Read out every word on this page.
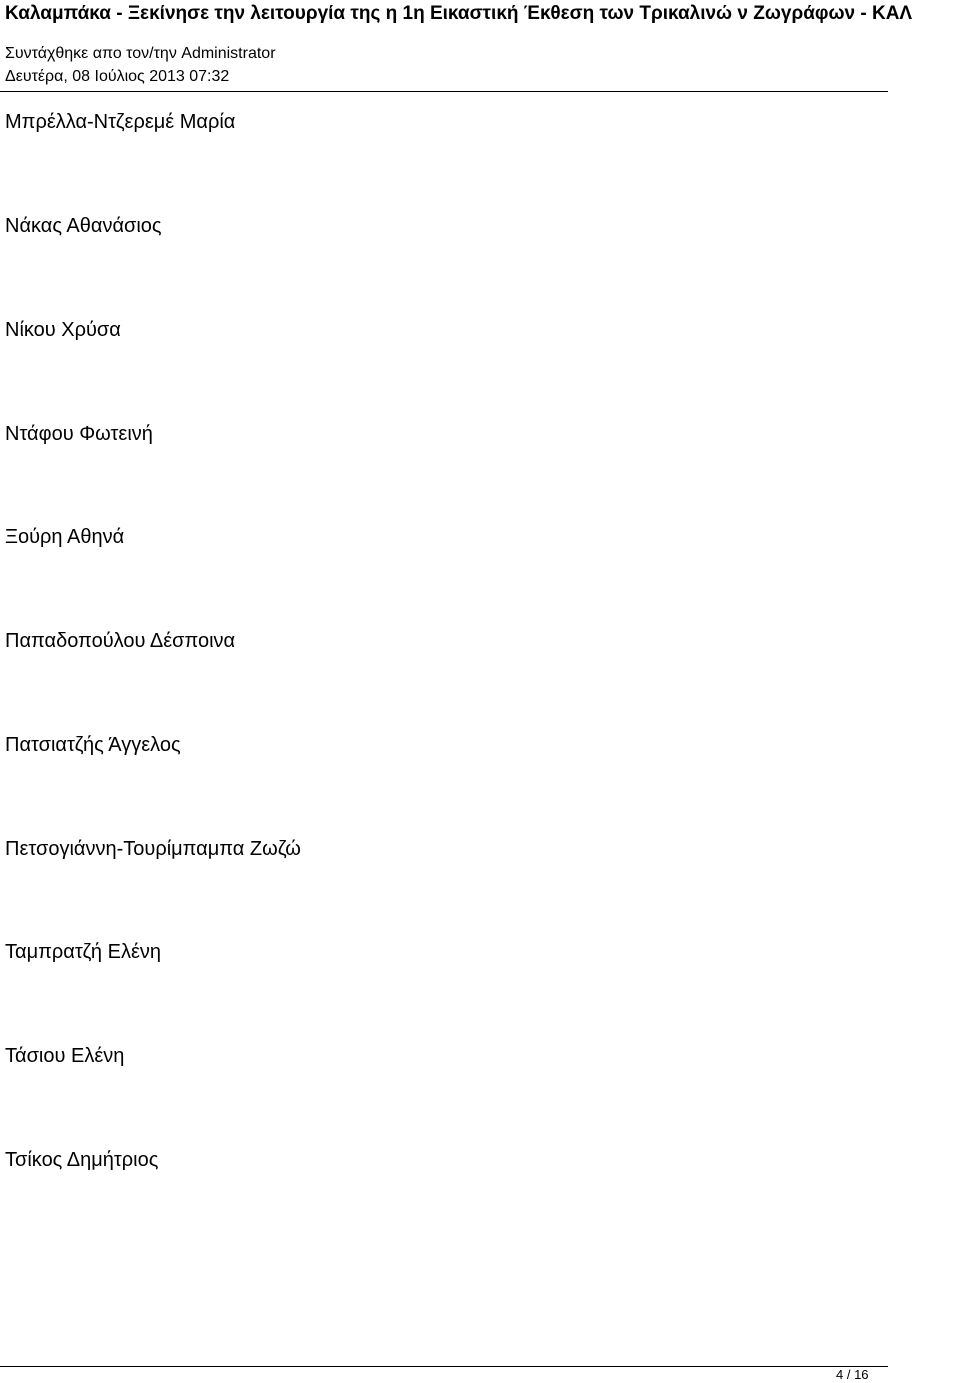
Καλαμπάκα - Ξεκίνησε την λειτουργία της η 1η Εικαστική Έκθεση των Τρικαλινώ ν Ζωγράφων - ΚΑΛ
Συντάχθηκε απο τον/την Administrator
Δευτέρα, 08 Ιούλιος 2013 07:32
Μπρέλλα-Ντζερεμέ Μαρία
Νάκας Αθανάσιος
Νίκου Χρύσα
Ντάφου Φωτεινή
Ξούρη Αθηνά
Παπαδοπούλου Δέσποινα
Πατσιατζής Άγγελος
Πετσογιάννη-Τουρίμπαμπα Ζωζώ
Ταμπρατζή Ελένη
Τάσιου Ελένη
Τσίκος Δημήτριος
4 / 16
